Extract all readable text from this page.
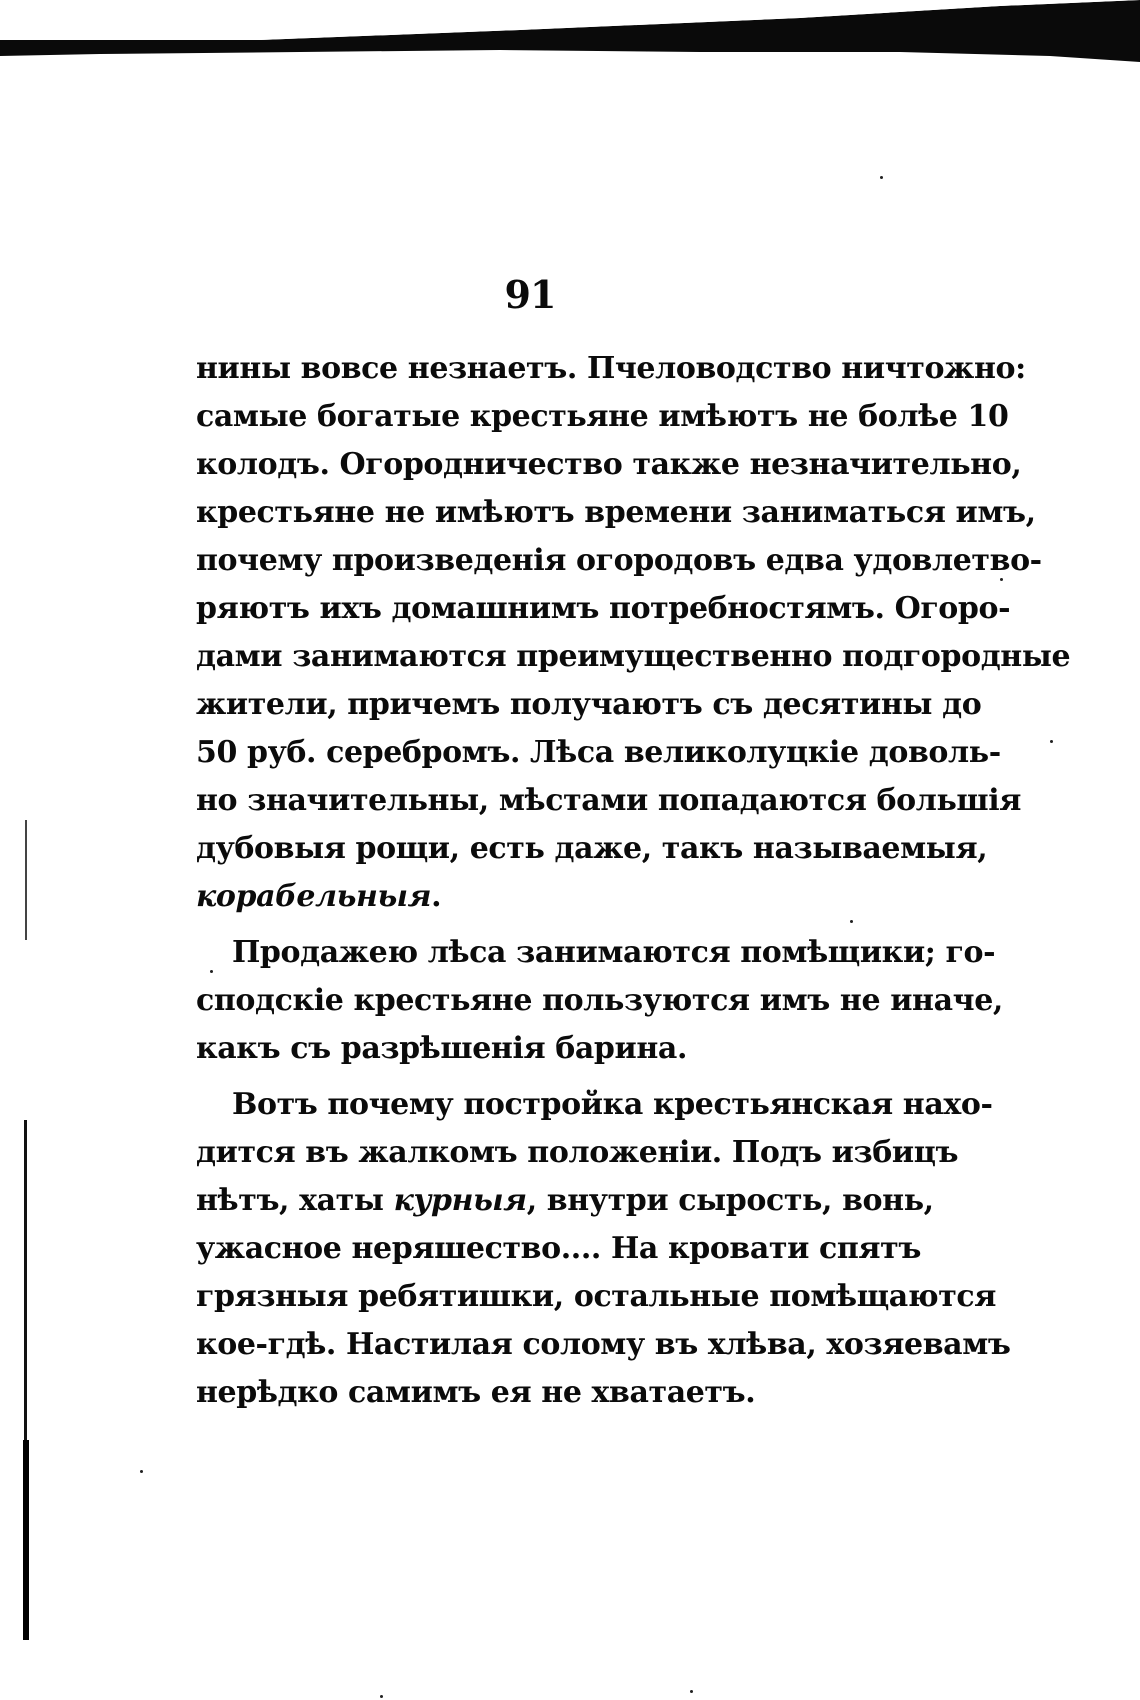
91
нины вовсе незнаетъ. Пчеловодство ничтожно:
самые богатые крестьяне имѣютъ не болѣе 10
колодъ. Огородничество также незначительно,
крестьяне не имѣютъ времени заниматься имъ,
почему произведенія огородовъ едва удовлетво-
ряютъ ихъ домашнимъ потребностямъ. Огоро-
дами занимаются преимущественно подгородные
жители, причемъ получаютъ съ десятины до
50 руб. серебромъ. Лѣса великолуцкіе доволь-
но значительны, мѣстами попадаются большія
дубовыя рощи, есть даже, такъ называемыя,
корабельныя.
Продажею лѣса занимаются помѣщики; го-
сподскіе крестьяне пользуются имъ не иначе,
какъ съ разрѣшенія барина.
Вотъ почему постройка крестьянская нахо-
дится въ жалкомъ положеніи. Подъ избицъ
нѣтъ, хаты курныя, внутри сырость, вонь,
ужасное неряшество.... На кровати спятъ
грязныя ребятишки, остальные помѣщаются
кое-гдѣ. Настилая солому въ хлѣва, хозяевамъ
нерѣдко самимъ ея не хватаетъ.
